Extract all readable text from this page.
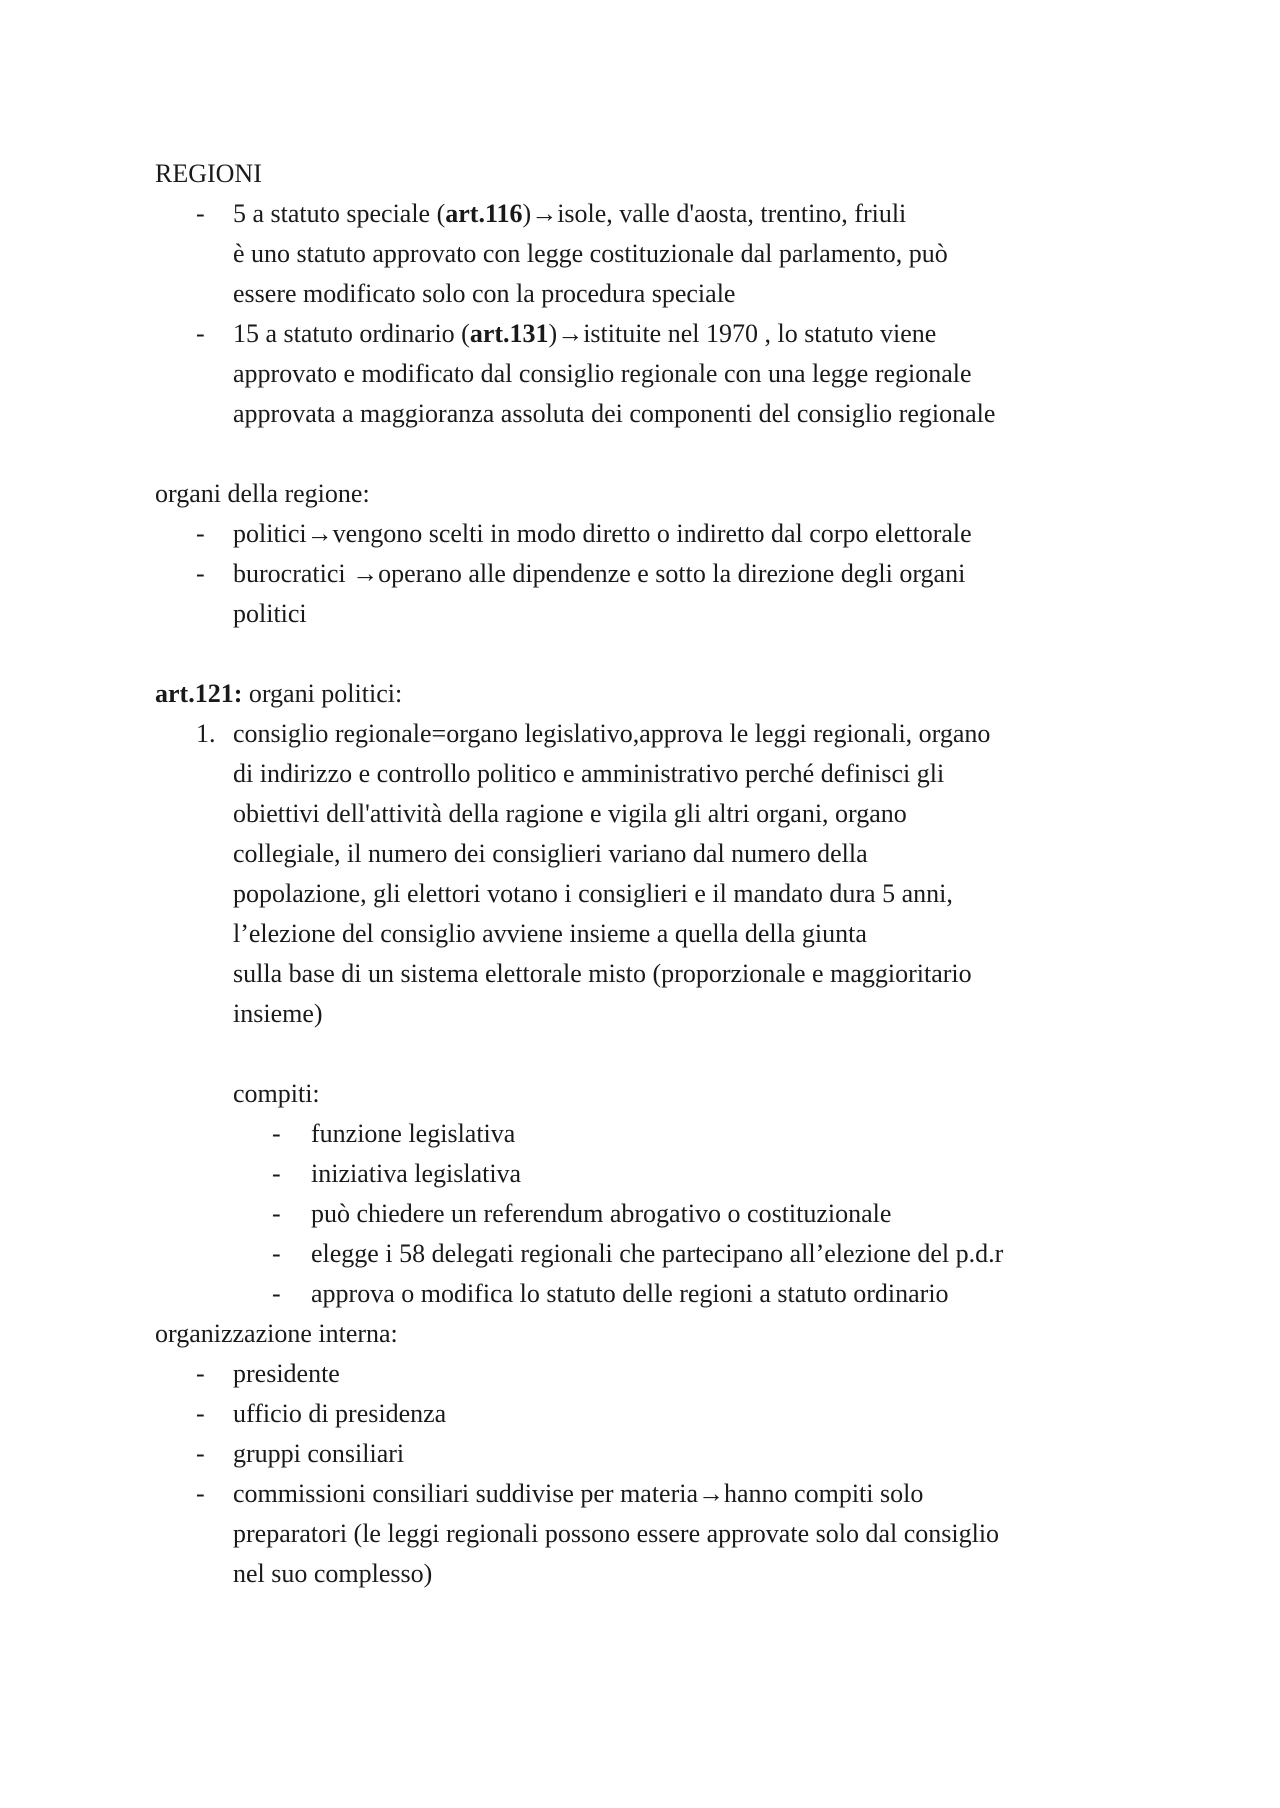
REGIONI
- 5 a statuto speciale (art.116)→isole, valle d'aosta, trentino, friuli
è uno statuto approvato con legge costituzionale dal parlamento, può
essere modificato solo con la procedura speciale
- 15 a statuto ordinario (art.131)→istituite nel 1970 , lo statuto viene
approvato e modificato dal consiglio regionale con una legge regionale
approvata a maggioranza assoluta dei componenti del consiglio regionale
organi della regione:
- politici→vengono scelti in modo diretto o indiretto dal corpo elettorale
- burocratici →operano alle dipendenze e sotto la direzione degli organi
politici
art.121: organi politici:
1. consiglio regionale=organo legislativo,approva le leggi regionali, organo
di indirizzo e controllo politico e amministrativo perché definisci gli
obiettivi dell'attività della ragione e vigila gli altri organi, organo
collegiale, il numero dei consiglieri variano dal numero della
popolazione, gli elettori votano i consiglieri e il mandato dura 5 anni,
l’elezione del consiglio avviene insieme a quella della giunta
sulla base di un sistema elettorale misto (proporzionale e maggioritario
insieme)
compiti:
- funzione legislativa
- iniziativa legislativa
- può chiedere un referendum abrogativo o costituzionale
- elegge i 58 delegati regionali che partecipano all’elezione del p.d.r
- approva o modifica lo statuto delle regioni a statuto ordinario
organizzazione interna:
- presidente
- ufficio di presidenza
- gruppi consiliari
- commissioni consiliari suddivise per materia→hanno compiti solo
preparatori (le leggi regionali possono essere approvate solo dal consiglio
nel suo complesso)
